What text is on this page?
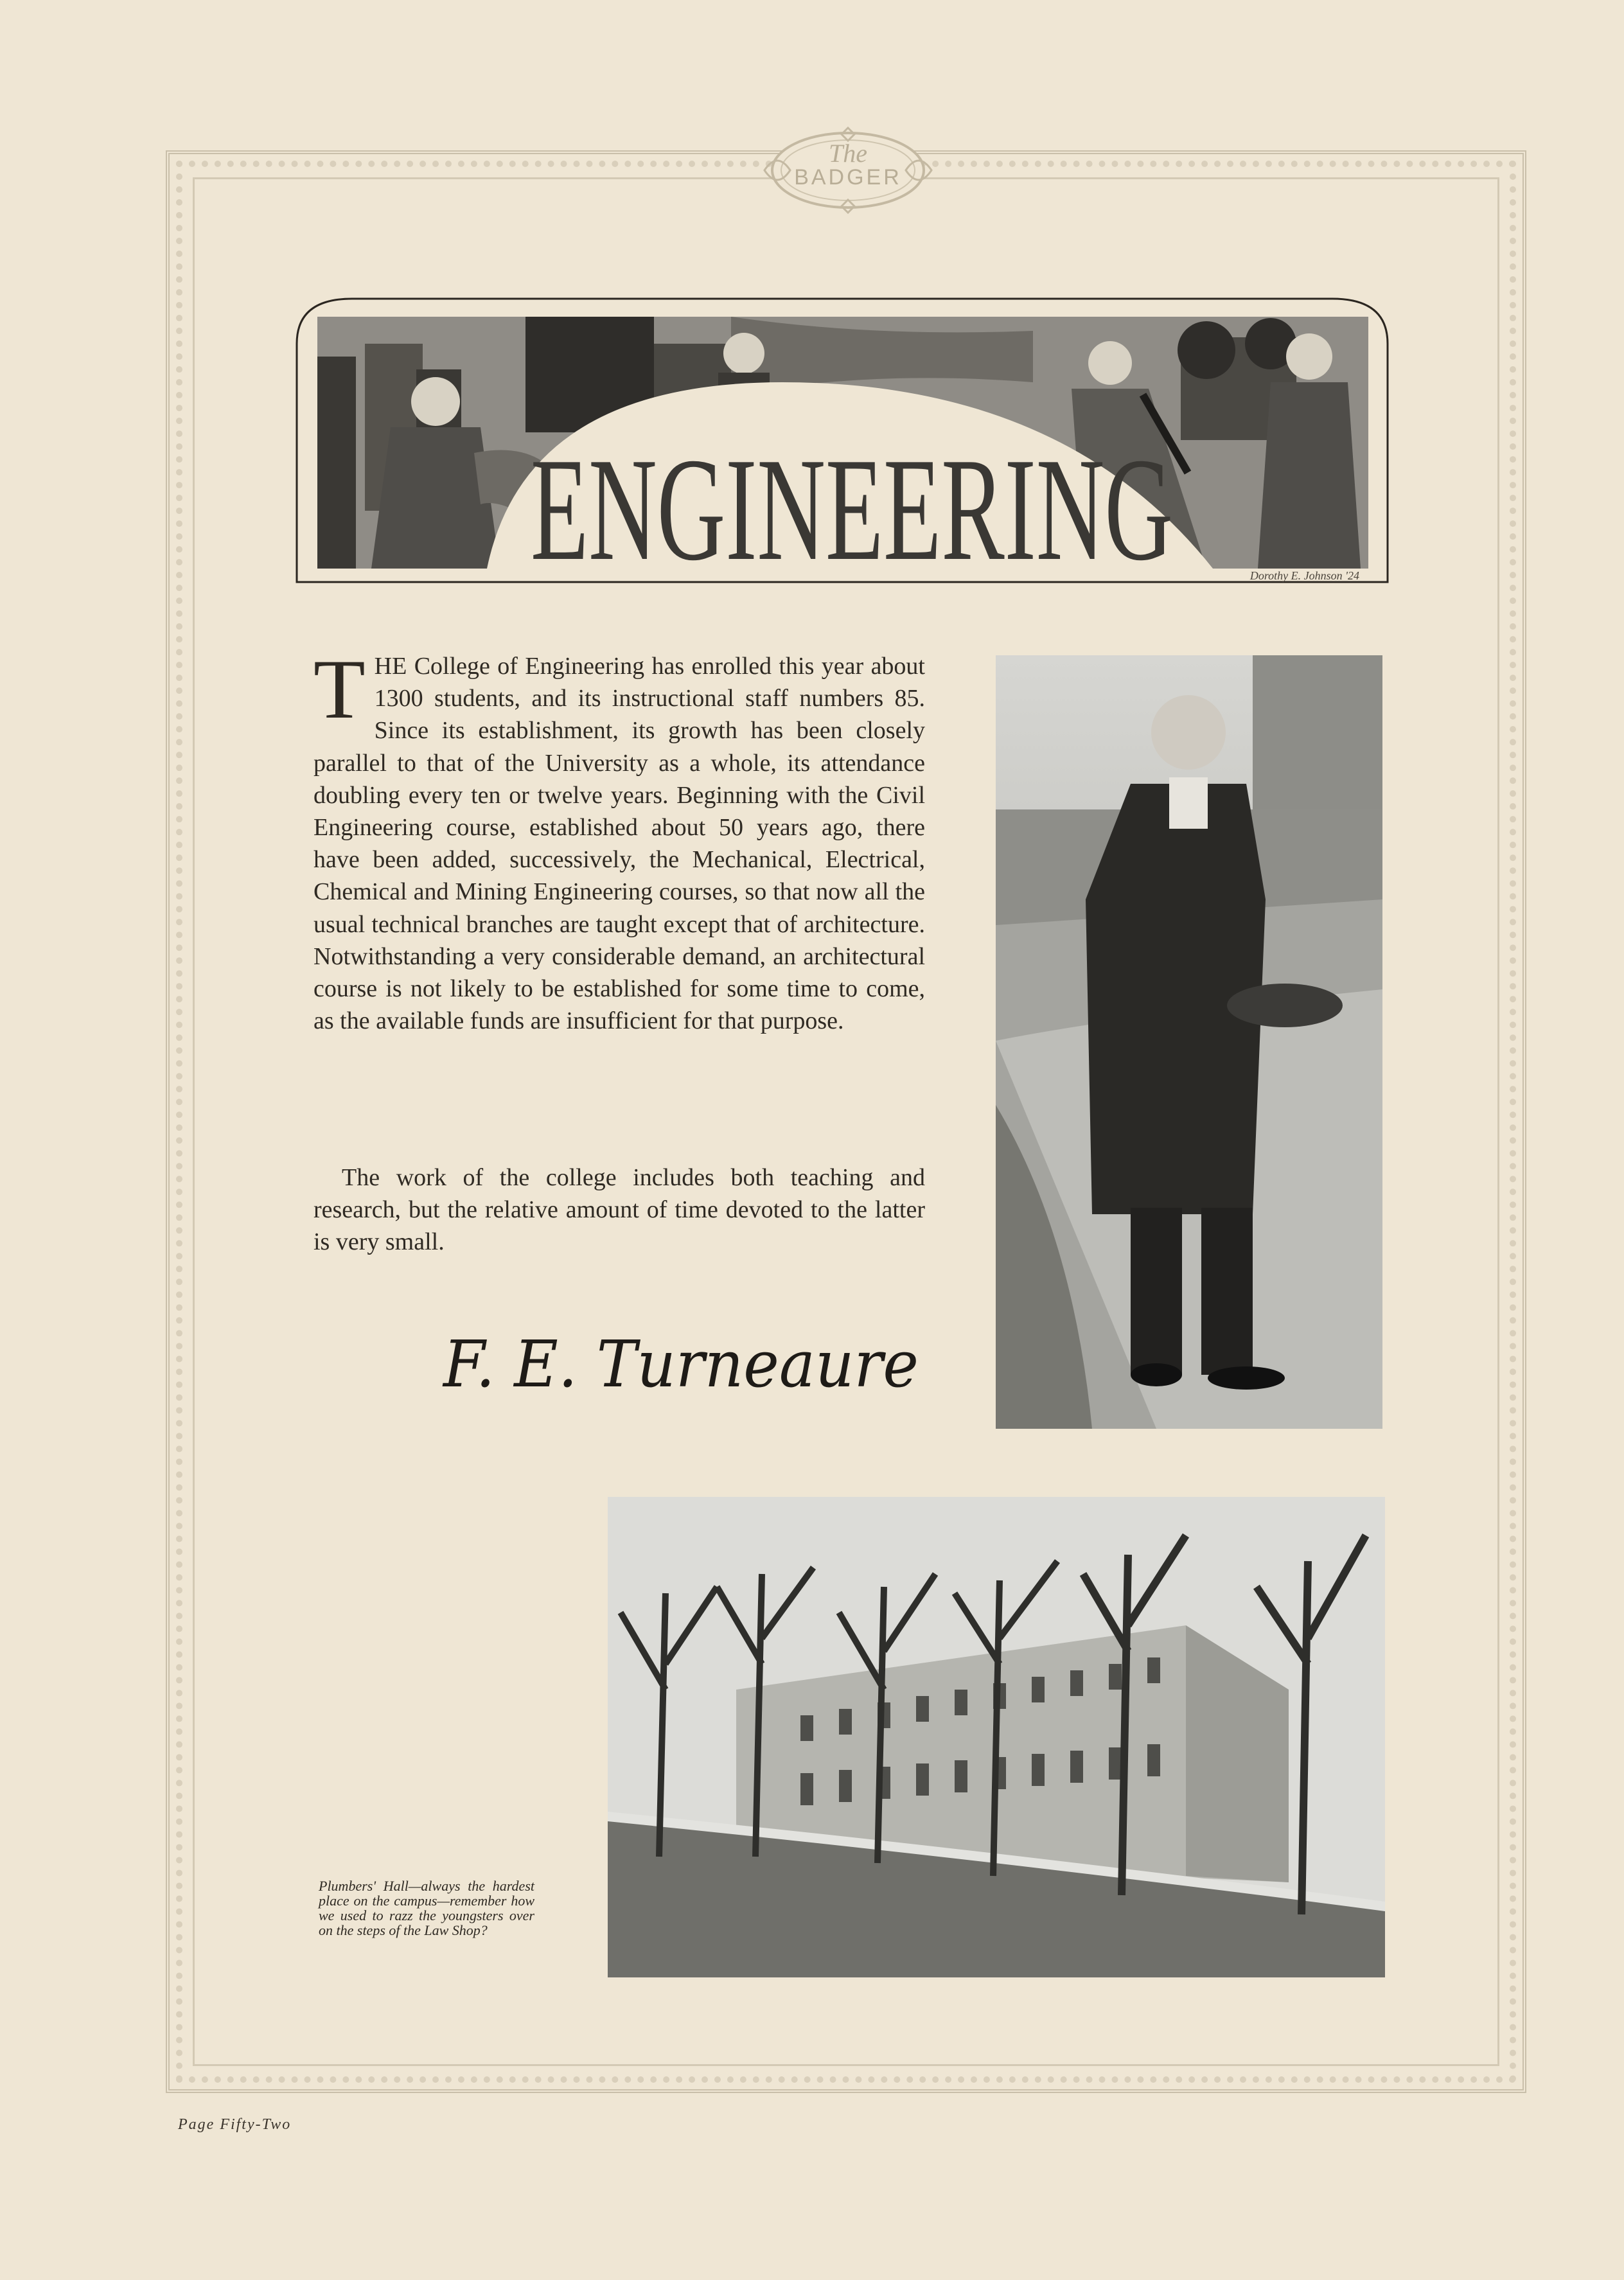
The
BADGER
ENGINEERING	Dorothy E. Johnson '24
THE College of Engineering has enrolled this year about 1300 students, and its instructional staff numbers 85. Since its establishment, its growth has been closely parallel to that of the University as a whole, its attendance doubling every ten or twelve years. Beginning with the Civil Engineering course, established about 50 years ago, there have been added, successively, the Mechanical, Electrical, Chemical and Mining Engineering courses, so that now all the usual technical branches are taught except that of architecture. Notwithstanding a very considerable demand, an architectural course is not likely to be established for some time to come, as the available funds are insufficient for that purpose.
The work of the college includes both teaching and research, but the relative amount of time devoted to the latter is very small.
F. E. Turneaure
Plumbers' Hall—always the hardest place on the campus—remember how we used to razz the youngsters over on the steps of the Law Shop?
Page Fifty-Two
